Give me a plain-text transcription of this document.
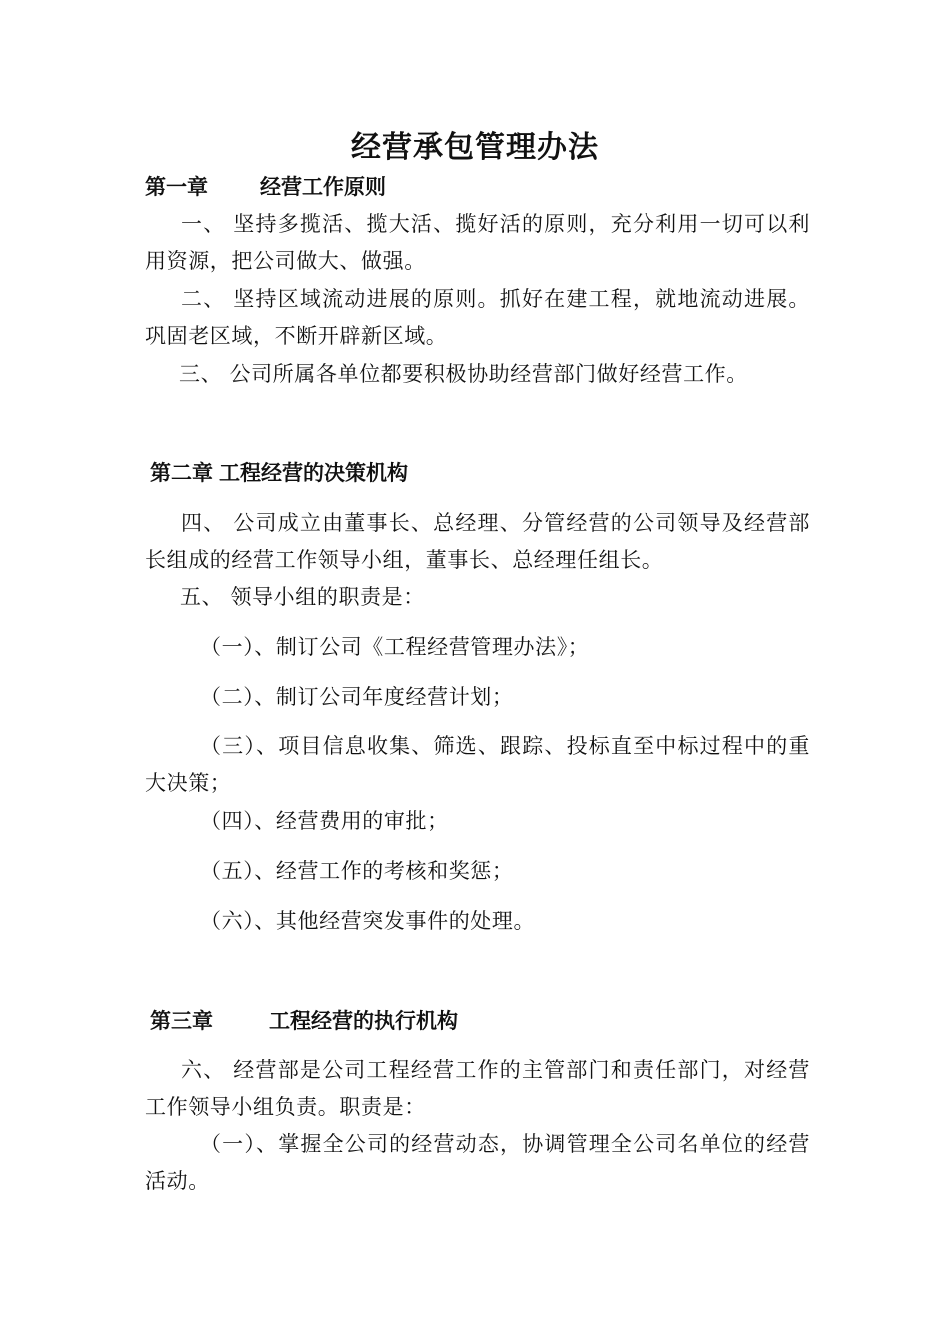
经营承包管理办法
第一章 经营工作原则
一、 坚持多揽活、揽大活、揽好活的原则，充分利用一切可以利用资源，把公司做大、做强。
二、 坚持区域流动进展的原则。抓好在建工程，就地流动进展。巩固老区域，不断开辟新区域。
三、 公司所属各单位都要积极协助经营部门做好经营工作。
第二章 工程经营的决策机构
四、 公司成立由董事长、总经理、分管经营的公司领导及经营部长组成的经营工作领导小组，董事长、总经理任组长。
五、 领导小组的职责是：
（一）、制订公司《工程经营管理办法》；
（二）、制订公司年度经营计划；
（三）、项目信息收集、筛选、跟踪、投标直至中标过程中的重大决策；
（四）、经营费用的审批；
（五）、经营工作的考核和奖惩；
（六）、其他经营突发事件的处理。
第三章	工程经营的执行机构
六、 经营部是公司工程经营工作的主管部门和责任部门，对经营工作领导小组负责。职责是：
（一）、掌握全公司的经营动态，协调管理全公司名单位的经营活动。
